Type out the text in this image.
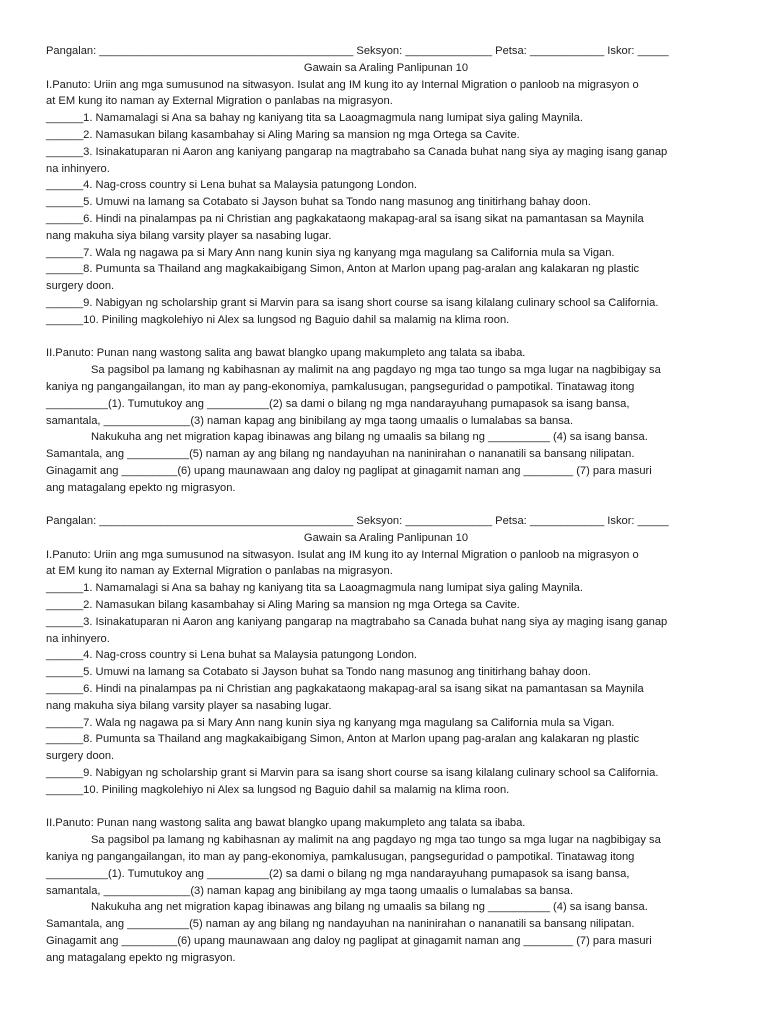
Pangalan: _________________________________________ Seksyon: ______________ Petsa: ____________ Iskor: _____
Gawain sa Araling Panlipunan 10
I.Panuto: Uriin ang mga sumusunod na sitwasyon. Isulat ang IM kung ito ay Internal Migration o panloob na migrasyon o
at EM kung ito naman ay External Migration o panlabas na migrasyon.
______1. Namamalagi si Ana sa bahay ng kaniyang tita sa Laoagmagmula nang lumipat siya galing Maynila.
______2. Namasukan bilang kasambahay si Aling Maring sa mansion ng mga Ortega sa Cavite.
______3. Isinakatuparan ni Aaron ang kaniyang pangarap na magtrabaho sa Canada buhat nang siya ay maging isang ganap
na inhinyero.
______4. Nag-cross country si Lena buhat sa Malaysia patungong London.
______5. Umuwi na lamang sa Cotabato si Jayson buhat sa Tondo nang masunog ang tinitirhang bahay doon.
______6. Hindi na pinalampas pa ni Christian ang pagkakataong makapag-aral sa isang sikat na pamantasan sa Maynila
nang makuha siya bilang varsity player sa nasabing lugar.
______7. Wala ng nagawa pa si Mary Ann nang kunin siya ng kanyang mga magulang sa California mula sa Vigan.
______8. Pumunta sa Thailand ang magkakaibigang Simon, Anton at Marlon upang pag-aralan ang kalakaran ng plastic
surgery doon.
______9. Nabigyan ng scholarship grant si Marvin para sa isang short course sa isang kilalang culinary school sa California.
______10. Piniling magkolehiyo ni Alex sa lungsod ng Baguio dahil sa malamig na klima roon.
II.Panuto: Punan nang wastong salita ang bawat blangko upang makumpleto ang talata sa ibaba.
Sa pagsibol pa lamang ng kabihasnan ay malimit na ang pagdayo ng mga tao tungo sa mga lugar na nagbibigay sa
kaniya ng pangangailangan, ito man ay pang-ekonomiya, pamkalusugan, pangseguridad o pampotikal. Tinatawag itong
__________(1). Tumutukoy ang __________(2) sa dami o bilang ng mga nandarayuhang pumapasok sa isang bansa,
samantala, ______________(3) naman kapag ang binibilang ay mga taong umaalis o lumalabas sa bansa.
Nakukuha ang net migration kapag ibinawas ang bilang ng umaalis sa bilang ng __________ (4) sa isang bansa.
Samantala, ang __________(5) naman ay ang bilang ng nandayuhan na naninirahan o nananatili sa bansang nilipatan.
Ginagamit ang _________(6) upang maunawaan ang daloy ng paglipat at ginagamit naman ang ________ (7) para masuri
ang matagalang epekto ng migrasyon.
Pangalan: _________________________________________ Seksyon: ______________ Petsa: ____________ Iskor: _____
Gawain sa Araling Panlipunan 10
I.Panuto: Uriin ang mga sumusunod na sitwasyon. Isulat ang IM kung ito ay Internal Migration o panloob na migrasyon o
at EM kung ito naman ay External Migration o panlabas na migrasyon.
______1. Namamalagi si Ana sa bahay ng kaniyang tita sa Laoagmagmula nang lumipat siya galing Maynila.
______2. Namasukan bilang kasambahay si Aling Maring sa mansion ng mga Ortega sa Cavite.
______3. Isinakatuparan ni Aaron ang kaniyang pangarap na magtrabaho sa Canada buhat nang siya ay maging isang ganap
na inhinyero.
______4. Nag-cross country si Lena buhat sa Malaysia patungong London.
______5. Umuwi na lamang sa Cotabato si Jayson buhat sa Tondo nang masunog ang tinitirhang bahay doon.
______6. Hindi na pinalampas pa ni Christian ang pagkakataong makapag-aral sa isang sikat na pamantasan sa Maynila
nang makuha siya bilang varsity player sa nasabing lugar.
______7. Wala ng nagawa pa si Mary Ann nang kunin siya ng kanyang mga magulang sa California mula sa Vigan.
______8. Pumunta sa Thailand ang magkakaibigang Simon, Anton at Marlon upang pag-aralan ang kalakaran ng plastic
surgery doon.
______9. Nabigyan ng scholarship grant si Marvin para sa isang short course sa isang kilalang culinary school sa California.
______10. Piniling magkolehiyo ni Alex sa lungsod ng Baguio dahil sa malamig na klima roon.
II.Panuto: Punan nang wastong salita ang bawat blangko upang makumpleto ang talata sa ibaba.
Sa pagsibol pa lamang ng kabihasnan ay malimit na ang pagdayo ng mga tao tungo sa mga lugar na nagbibigay sa
kaniya ng pangangailangan, ito man ay pang-ekonomiya, pamkalusugan, pangseguridad o pampotikal. Tinatawag itong
__________(1). Tumutukoy ang __________(2) sa dami o bilang ng mga nandarayuhang pumapasok sa isang bansa,
samantala, ______________(3) naman kapag ang binibilang ay mga taong umaalis o lumalabas sa bansa.
Nakukuha ang net migration kapag ibinawas ang bilang ng umaalis sa bilang ng __________ (4) sa isang bansa.
Samantala, ang __________(5) naman ay ang bilang ng nandayuhan na naninirahan o nananatili sa bansang nilipatan.
Ginagamit ang _________(6) upang maunawaan ang daloy ng paglipat at ginagamit naman ang ________ (7) para masuri
ang matagalang epekto ng migrasyon.
